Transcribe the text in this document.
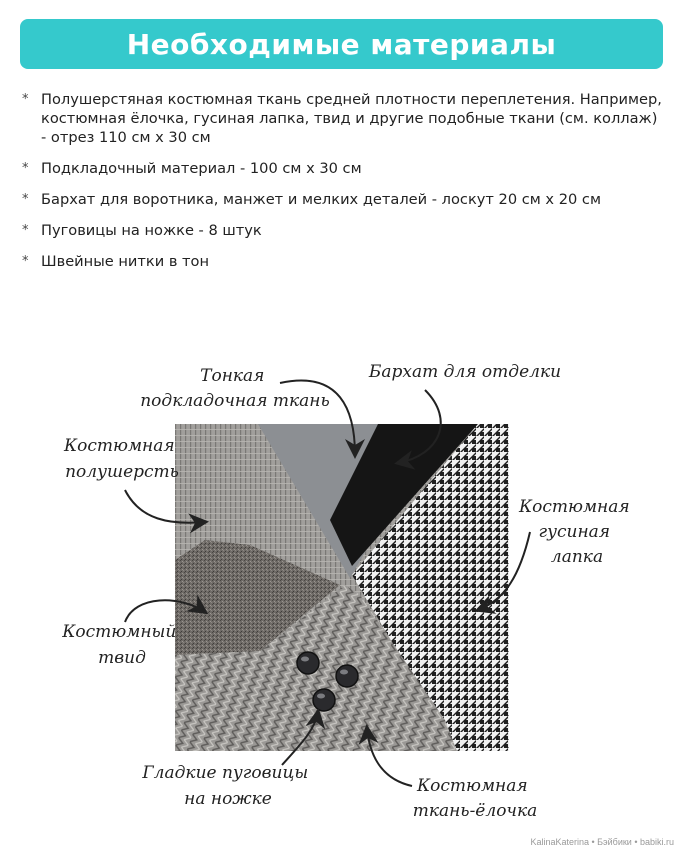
Необходимые материалы
* Полушерстяная костюмная ткань средней плотности переплетения. Например, костюмная ёлочка, гусиная лапка, твид и другие подобные ткани (см. коллаж) - отрез 110 см х 30 см
* Подкладочный материал - 100 см х 30 см
* Бархат для воротника, манжет и мелких деталей - лоскут 20 см х 20 см
* Пуговицы на ножке - 8 штук
* Швейные нитки в тон
Тонкая подкладочная ткань
Бархат для отделки
Костюмная полушерсть
Костюмная гусиная лапка
Костюмный твид
Гладкие пуговицы на ножке
Костюмная ткань-ёлочка
KalinaKaterina • Бэйбики • babiki.ru
